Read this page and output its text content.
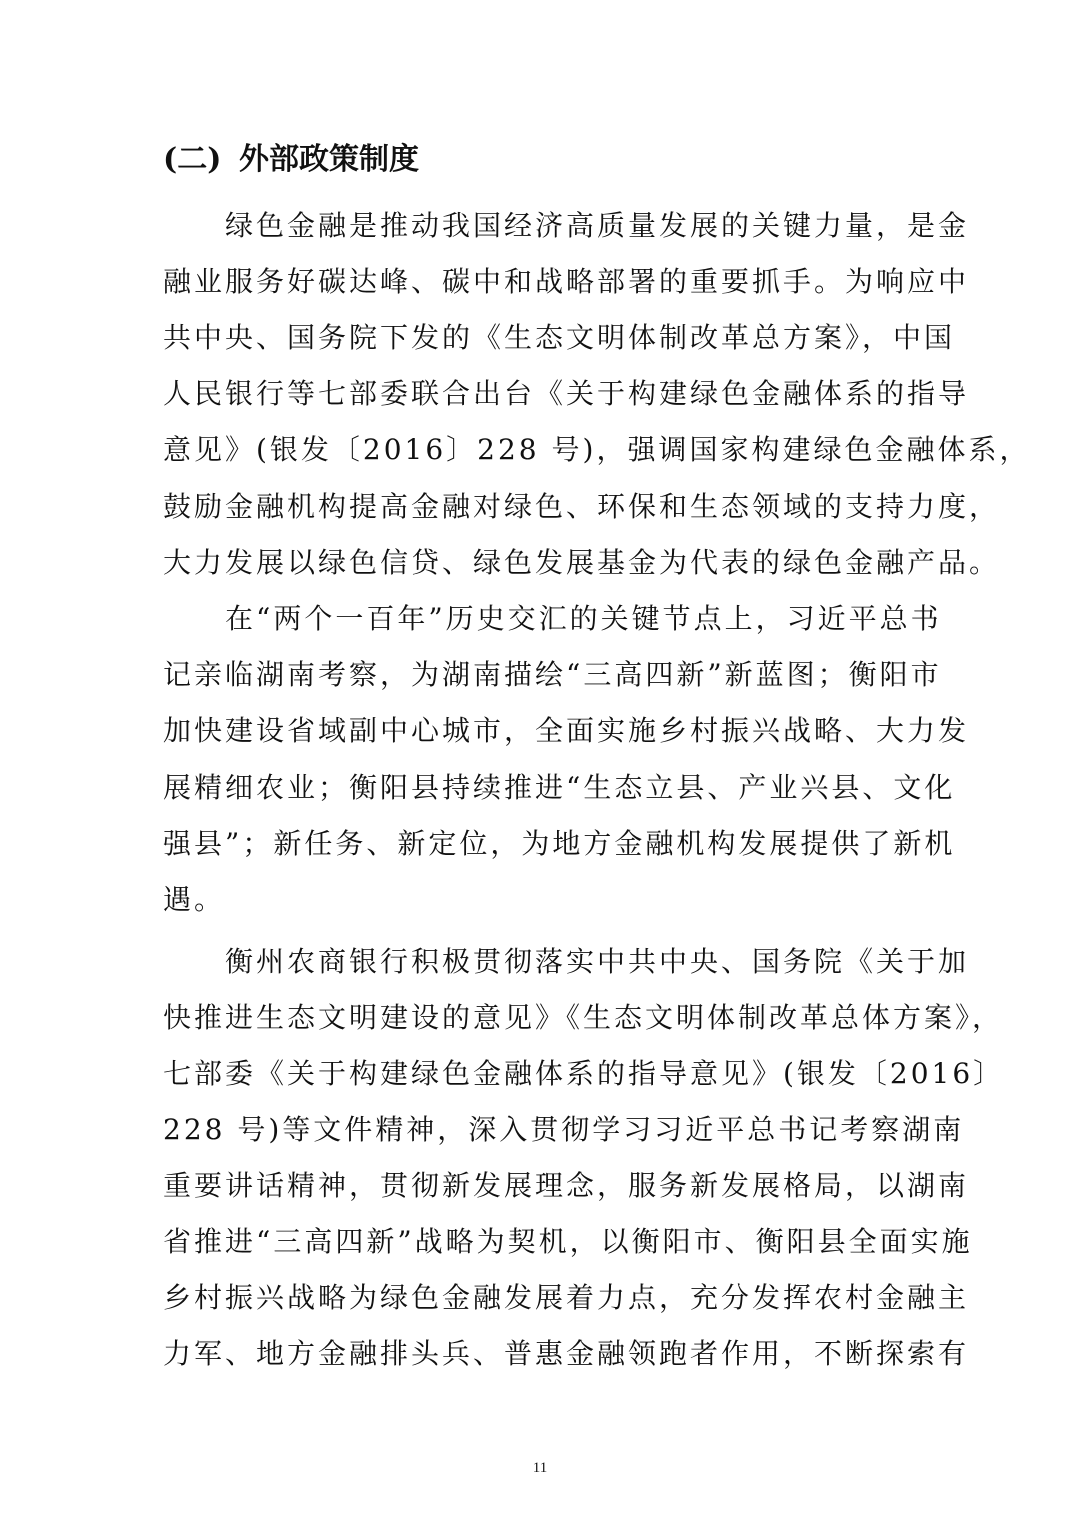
(二) 外部政策制度
　　绿色金融是推动我国经济高质量发展的关键力量，是金
融业服务好碳达峰、碳中和战略部署的重要抓手。为响应中
共中央、国务院下发的《生态文明体制改革总方案》，中国
人民银行等七部委联合出台《关于构建绿色金融体系的指导
意见》(银发〔2016〕228 号)，强调国家构建绿色金融体系，
鼓励金融机构提高金融对绿色、环保和生态领域的支持力度，
大力发展以绿色信贷、绿色发展基金为代表的绿色金融产品。
　　在“两个一百年”历史交汇的关键节点上，习近平总书
记亲临湖南考察，为湖南描绘“三高四新”新蓝图；衡阳市
加快建设省域副中心城市，全面实施乡村振兴战略、大力发
展精细农业；衡阳县持续推进“生态立县、产业兴县、文化
强县”；新任务、新定位，为地方金融机构发展提供了新机
遇。
　　衡州农商银行积极贯彻落实中共中央、国务院《关于加
快推进生态文明建设的意见》《生态文明体制改革总体方案》，
七部委《关于构建绿色金融体系的指导意见》(银发〔2016〕
228 号)等文件精神，深入贯彻学习习近平总书记考察湖南
重要讲话精神，贯彻新发展理念，服务新发展格局，以湖南
省推进“三高四新”战略为契机，以衡阳市、衡阳县全面实施
乡村振兴战略为绿色金融发展着力点，充分发挥农村金融主
力军、地方金融排头兵、普惠金融领跑者作用，不断探索有
11
